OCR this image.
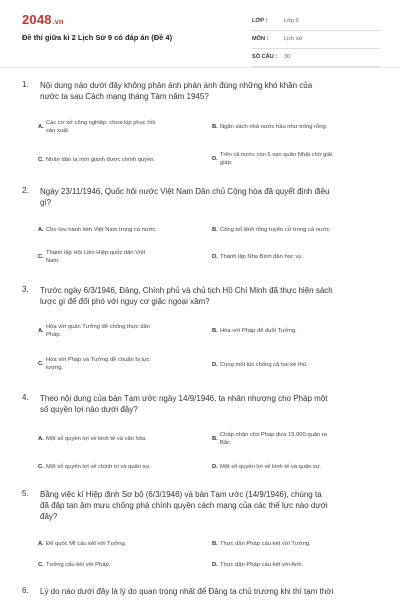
2048.vn
Đề thi giữa kì 2 Lịch Sử 9 có đáp án (Đề 4)
LỚP :	Lớp 9
MÔN :	Lịch sử
SỐ CÂU : 30
1. Nội dung nào dưới đây không phản ánh phản ánh đúng những khó khăn của
nước ta sau Cách mạng tháng Tám năm 1945?
A.
Các cơ sở công nghiệp, chưa kịp phục hồi
sản xuất.
B. Ngân sách nhà nước hầu như trống rỗng.
C. Nhân dân ta mới giành được chính quyền.	D.
Trên cả nước còn 6 vạn quân Nhật chờ giải
giáp.
2. Ngày 23/11/1946, Quốc hội nước Việt Nam Dân chủ Cộng hòa đã quyết định điều
gì?
A. Cho lưu hành tiền Việt Nam trong cả nước.	B. Công bố lệnh tổng tuyển cử trong cả nước.
C.
Thành lập Hội Liên Hiệp quốc dân Việt
Nam.
D. Thành lập Nha Bình dân học vụ.
3. Trước ngày 6/3/1946, Đảng, Chính phủ và chủ tịch Hồ Chí Minh đã thực hiện sách
lược gì để đối phó với nguy cơ giặc ngoại xâm?
A.
Hòa với quân Tưởng để chống thực dân
Pháp.
B. Hòa với Pháp để đuổi Tưởng.
C.
Hòa với Pháp và Tưởng để chuẩn bị lực
lượng.	D. Cùng một lúc chống cả hai kẻ thù.
4. Theo nội dung của bản Tạm ước ngày 14/9/1946, ta nhân nhượng cho Pháp một
số quyền lợi nào dưới đây?
A. Một số quyền lợi về kinh tế và văn hóa.	B.
Chấp nhận cho Pháp đưa 15.000 quân ra
Bắc.
C. Một số quyền lợi về chính trị và quân sự.	D. Một số quyền lợi về kinh tế và quân sự.
5. Bằng việc kí Hiệp định Sơ bộ (6/3/1946) và bản Tạm ước (14/9/1946), chúng ta
đã đập tan âm mưu chống phá chính quyền cách mạng của các thế lực nào dưới
đây?
A. Đế quốc Mĩ cấu kết với Tưởng.	B. Thực dân Pháp cấu kết với Tưởng.
C. Tưởng cấu kết với Pháp.	D. Thực dân Pháp cấu kết với Anh.
6. Lý do nào dưới đây là lý do quan trọng nhất để Đảng ta chủ trương khi thì tạm thời
